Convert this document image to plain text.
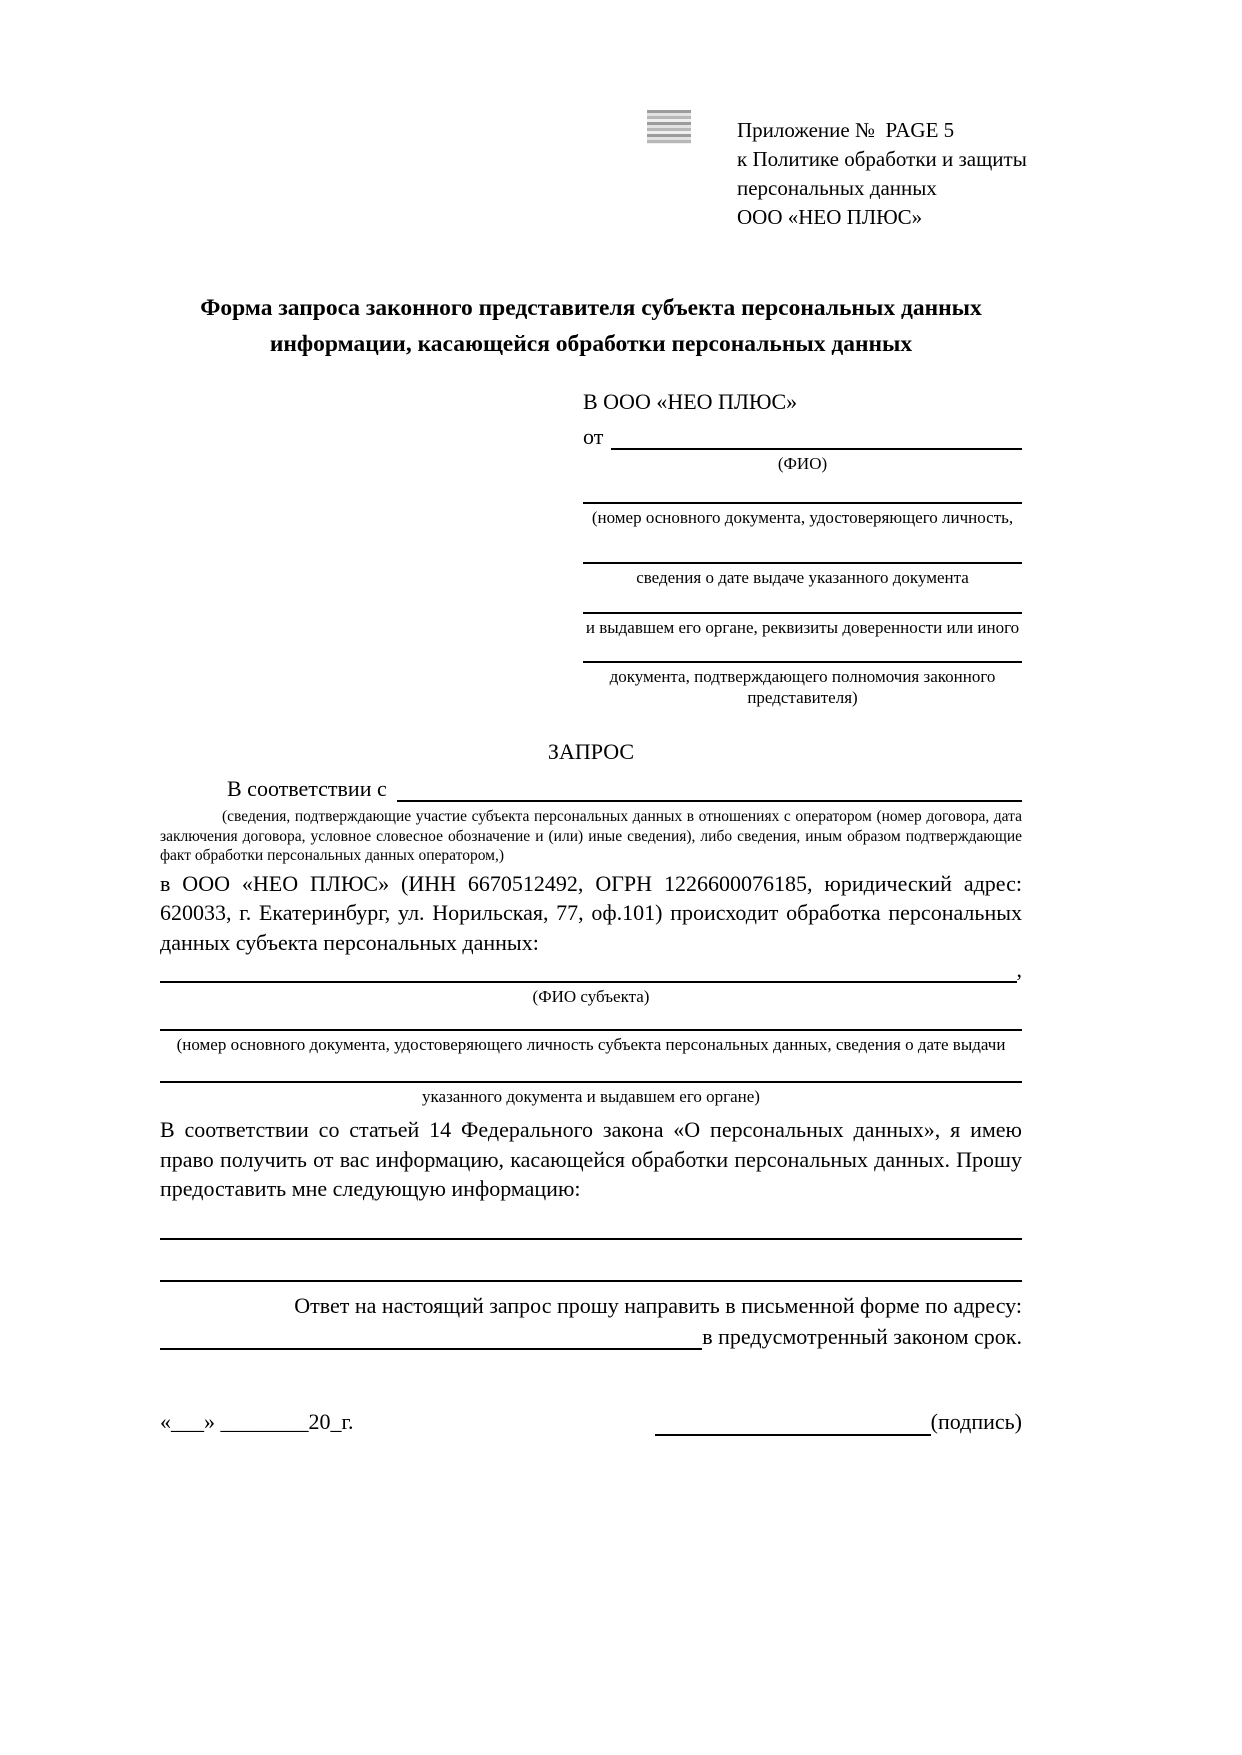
Приложение №  PAGE 5
к Политике обработки и защиты
персональных данных
ООО «НЕО ПЛЮС»
Форма запроса законного представителя субъекта персональных данных
информации, касающейся обработки персональных данных
В ООО «НЕО ПЛЮС»
от
(ФИО)
(номер основного документа, удостоверяющего личность,
сведения о дате выдаче указанного документа
и выдавшем его органе, реквизиты доверенности или иного
документа, подтверждающего полномочия законного представителя)
ЗАПРОС
В соответствии с

(сведения, подтверждающие участие субъекта персональных данных в отношениях с оператором (номер договора, дата заключения договора, условное словесное обозначение и (или) иные сведения), либо сведения, иным образом подтверждающие факт обработки персональных данных оператором,)

в ООО «НЕО ПЛЮС» (ИНН 6670512492, ОГРН 1226600076185, юридический адрес: 620033, г. Екатеринбург, ул. Норильская, 77, оф.101) происходит обработка персональных данных субъекта персональных данных:

,
(ФИО субъекта)
(номер основного документа, удостоверяющего личность субъекта персональных данных, сведения о дате выдачи
указанного документа и выдавшем его органе)

В соответствии со статьей 14 Федерального закона «О персональных данных», я имею право получить от вас информацию, касающейся обработки персональных данных. Прошу предоставить мне следующую информацию:

Ответ на настоящий запрос прошу направить в письменной форме по адресу:
в предусмотренный законом срок.
«___» ________20_г.	(подпись)
